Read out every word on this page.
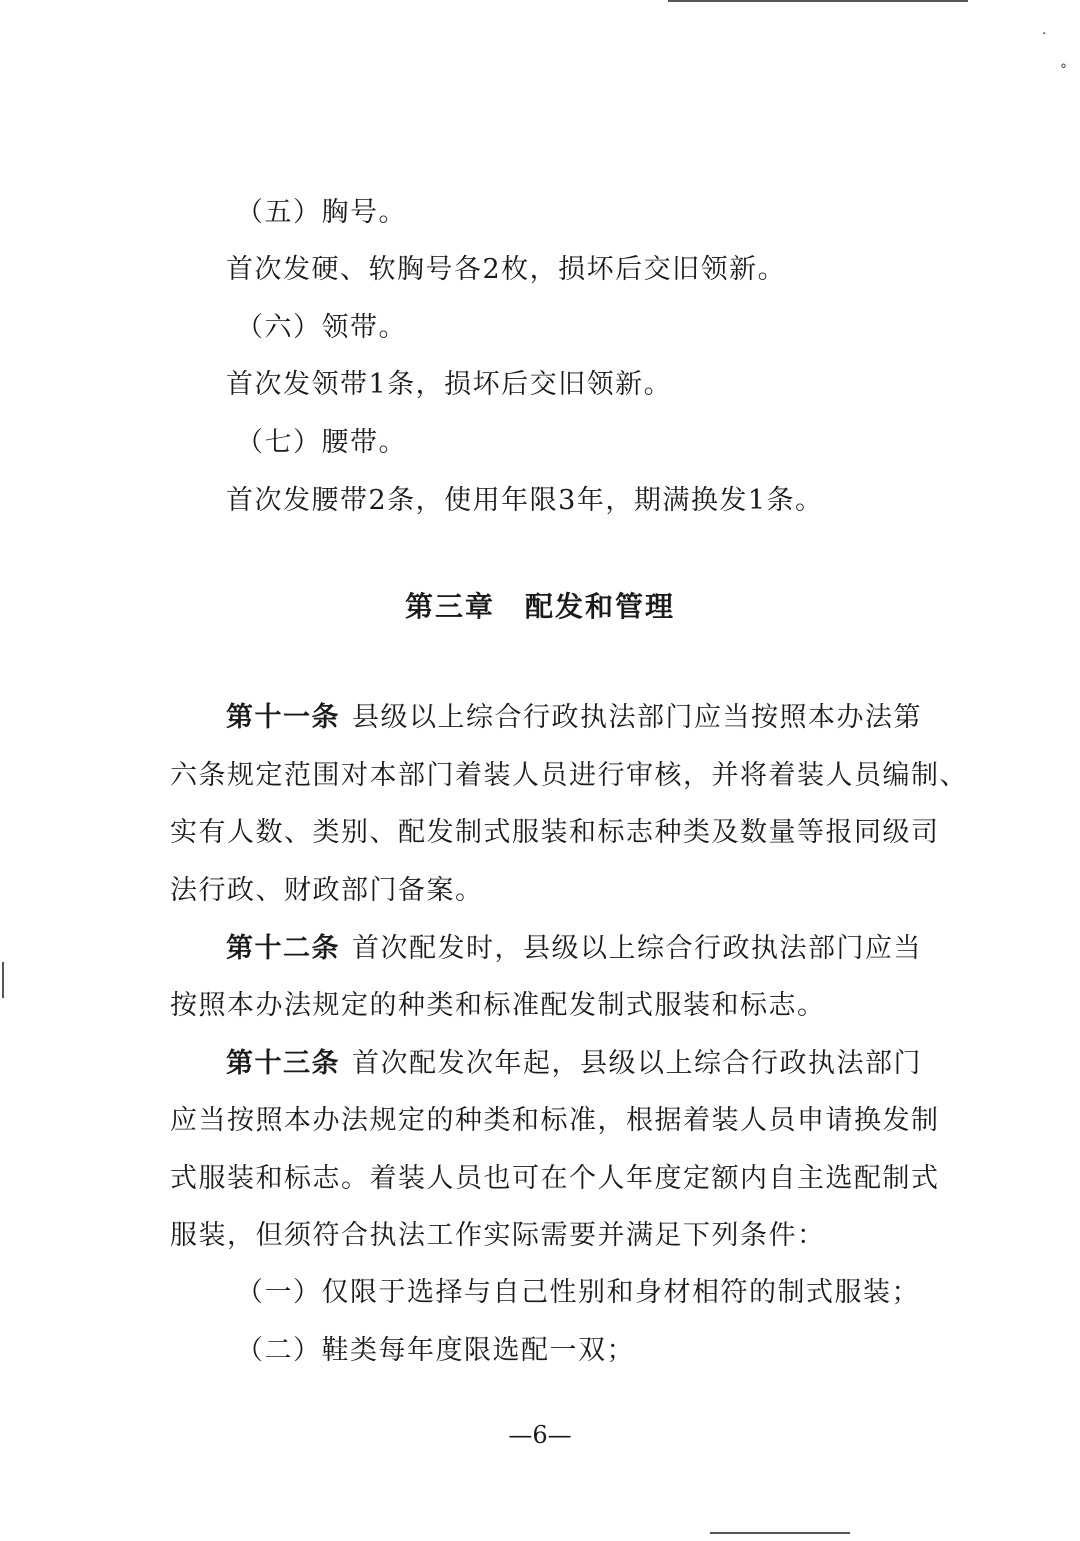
·
°
（五）胸号。
首次发硬、软胸号各2枚，损坏后交旧领新。
（六）领带。
首次发领带1条，损坏后交旧领新。
（七）腰带。
首次发腰带2条，使用年限3年，期满换发1条。
第三章 配发和管理
第十一条 县级以上综合行政执法部门应当按照本办法第
六条规定范围对本部门着装人员进行审核，并将着装人员编制、
实有人数、类别、配发制式服装和标志种类及数量等报同级司
法行政、财政部门备案。
第十二条 首次配发时，县级以上综合行政执法部门应当
按照本办法规定的种类和标准配发制式服装和标志。
第十三条 首次配发次年起，县级以上综合行政执法部门
应当按照本办法规定的种类和标准，根据着装人员申请换发制
式服装和标志。着装人员也可在个人年度定额内自主选配制式
服装，但须符合执法工作实际需要并满足下列条件：
（一）仅限于选择与自己性别和身材相符的制式服装；
（二）鞋类每年度限选配一双；
—6—
